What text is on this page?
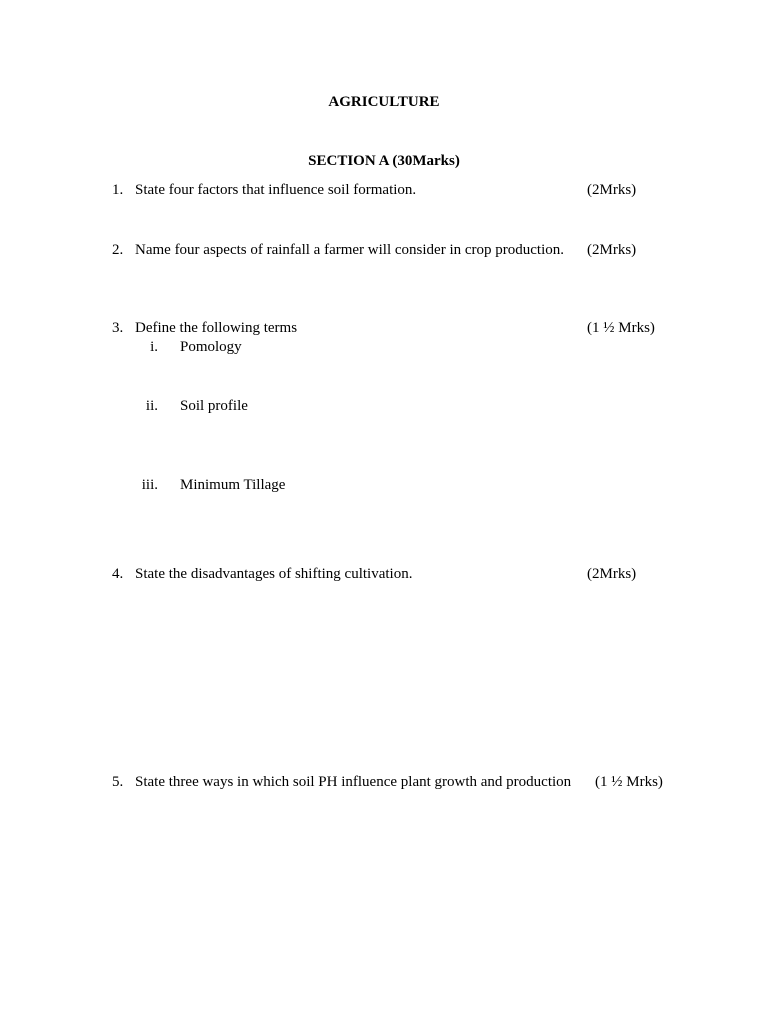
AGRICULTURE
SECTION A (30Marks)
1. State four factors that influence soil formation.	(2Mrks)
2. Name four aspects of rainfall a farmer will consider in crop production. (2Mrks)
3. Define the following terms	(1 ½ Mrks)
i. Pomology
ii. Soil profile
iii. Minimum Tillage
4. State the disadvantages of shifting cultivation.	(2Mrks)
5. State three ways in which soil PH influence plant growth and production (1 ½ Mrks)
